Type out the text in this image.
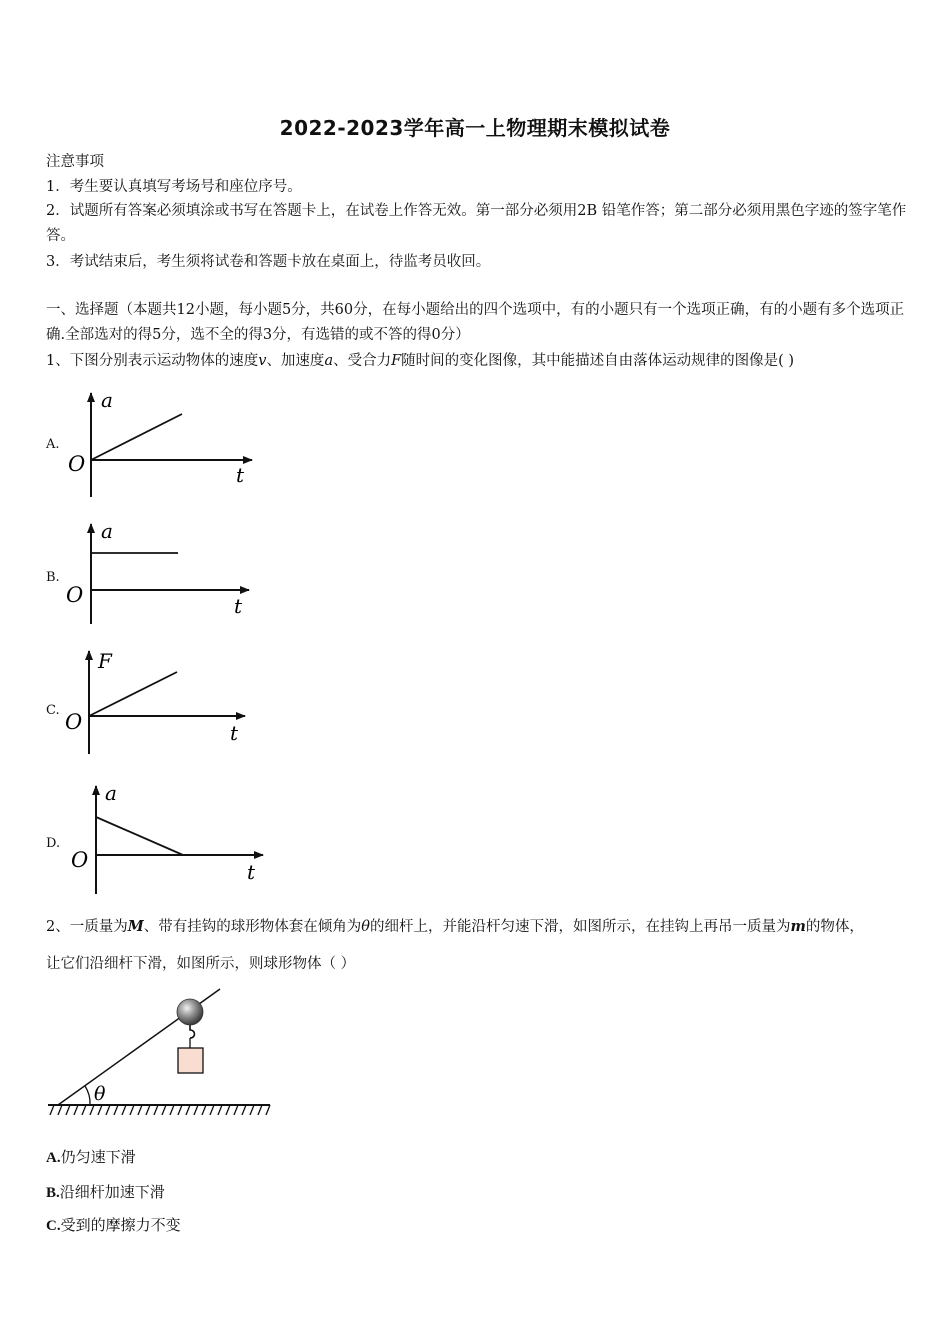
2022-2023学年高一上物理期末模拟试卷
注意事项
1．考生要认真填写考场号和座位序号。
2．试题所有答案必须填涂或书写在答题卡上，在试卷上作答无效。第一部分必须用2B 铅笔作答；第二部分必须用黑色字迹的签字笔作答。
3．考试结束后，考生须将试卷和答题卡放在桌面上，待监考员收回。
一、选择题（本题共12小题，每小题5分，共60分，在每小题给出的四个选项中，有的小题只有一个选项正确，有的小题有多个选项正确.全部选对的得5分，选不全的得3分，有选错的或不答的得0分）
1、下图分别表示运动物体的速度v、加速度a、受合力F随时间的变化图像，其中能描述自由落体运动规律的图像是( )
A.
a
O	t
B.
a
O	t
C.
F
O	t
D.
a
O	t
2、一质量为M、带有挂钩的球形物体套在倾角为θ的细杆上，并能沿杆匀速下滑，如图所示，在挂钩上再吊一质量为m的物体，
让它们沿细杆下滑，如图所示，则球形物体（ ）
θ
A.仍匀速下滑
B.沿细杆加速下滑
C.受到的摩擦力不变
